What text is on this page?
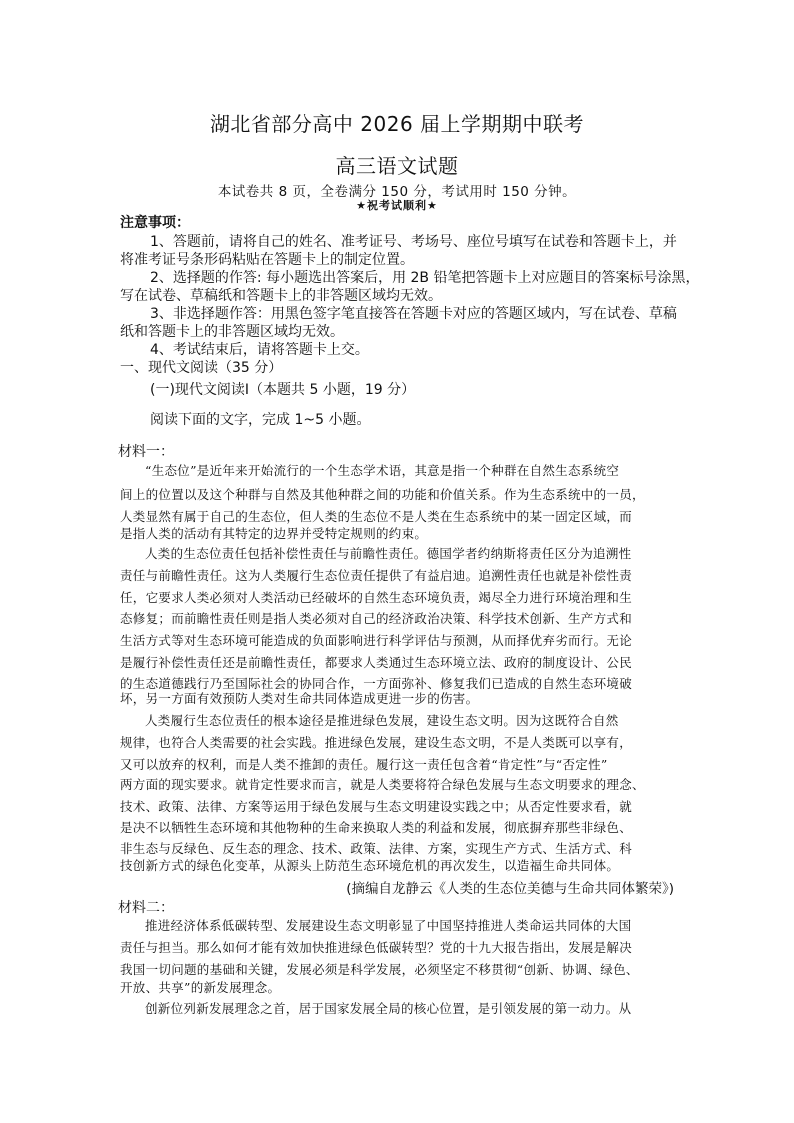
湖北省部分高中 2026 届上学期期中联考
高三语文试题
本试卷共 8 页，全卷满分 150 分，考试用时 150 分钟。
★祝考试顺利★
注意事项：
1、答题前，请将自己的姓名、准考证号、考场号、座位号填写在试卷和答题卡上，并
将准考证号条形码粘贴在答题卡上的制定位置。
2、选择题的作答: 每小题选出答案后，用 2B 铅笔把答题卡上对应题目的答案标号涂黑，
写在试卷、草稿纸和答题卡上的非答题区域均无效。
3、非选择题作答：用黑色签字笔直接答在答题卡对应的答题区域内，写在试卷、草稿
纸和答题卡上的非答题区域均无效。
4、考试结束后，请将答题卡上交。
一、现代文阅读（35 分）
(一)现代文阅读Ⅰ（本题共 5 小题，19 分）
阅读下面的文字，完成 1~5 小题。
材料一：
“生态位”是近年来开始流行的一个生态学术语，其意是指一个种群在自然生态系统空
间上的位置以及这个种群与自然及其他种群之间的功能和价值关系。作为生态系统中的一员，
人类显然有属于自己的生态位，但人类的生态位不是人类在生态系统中的某一固定区域，而
是指人类的活动有其特定的边界并受特定规则的约束。
人类的生态位责任包括补偿性责任与前瞻性责任。德国学者约纳斯将责任区分为追溯性
责任与前瞻性责任。这为人类履行生态位责任提供了有益启迪。追溯性责任也就是补偿性责
任，它要求人类必须对人类活动已经破坏的自然生态环境负责，竭尽全力进行环境治理和生
态修复；而前瞻性责任则是指人类必须对自己的经济政治决策、科学技术创新、生产方式和
生活方式等对生态环境可能造成的负面影响进行科学评估与预测，从而择优弃劣而行。无论
是履行补偿性责任还是前瞻性责任，都要求人类通过生态环境立法、政府的制度设计、公民
的生态道德践行乃至国际社会的协同合作，一方面弥补、修复我们已造成的自然生态环境破
坏，另一方面有效预防人类对生命共同体造成更进一步的伤害。
人类履行生态位责任的根本途径是推进绿色发展，建设生态文明。因为这既符合自然
规律，也符合人类需要的社会实践。推进绿色发展，建设生态文明，不是人类既可以享有，
又可以放弃的权利，而是人类不推卸的责任。履行这一责任包含着“肯定性”与“否定性”
两方面的现实要求。就肯定性要求而言，就是人类要将符合绿色发展与生态文明要求的理念、
技术、政策、法律、方案等运用于绿色发展与生态文明建设实践之中；从否定性要求看，就
是决不以牺牲生态环境和其他物种的生命来换取人类的利益和发展，彻底摒弃那些非绿色、
非生态与反绿色、反生态的理念、技术、政策、法律、方案，实现生产方式、生活方式、科
技创新方式的绿色化变革，从源头上防范生态环境危机的再次发生，以造福生命共同体。
(摘编自龙静云《人类的生态位美德与生命共同体繁荣》)
材料二：
推进经济体系低碳转型、发展建设生态文明彰显了中国坚持推进人类命运共同体的大国
责任与担当。那么如何才能有效加快推进绿色低碳转型？党的十九大报告指出，发展是解决
我国一切问题的基础和关键，发展必须是科学发展，必须坚定不移贯彻“创新、协调、绿色、
开放、共享”的新发展理念。
创新位列新发展理念之首，居于国家发展全局的核心位置，是引领发展的第一动力。从
